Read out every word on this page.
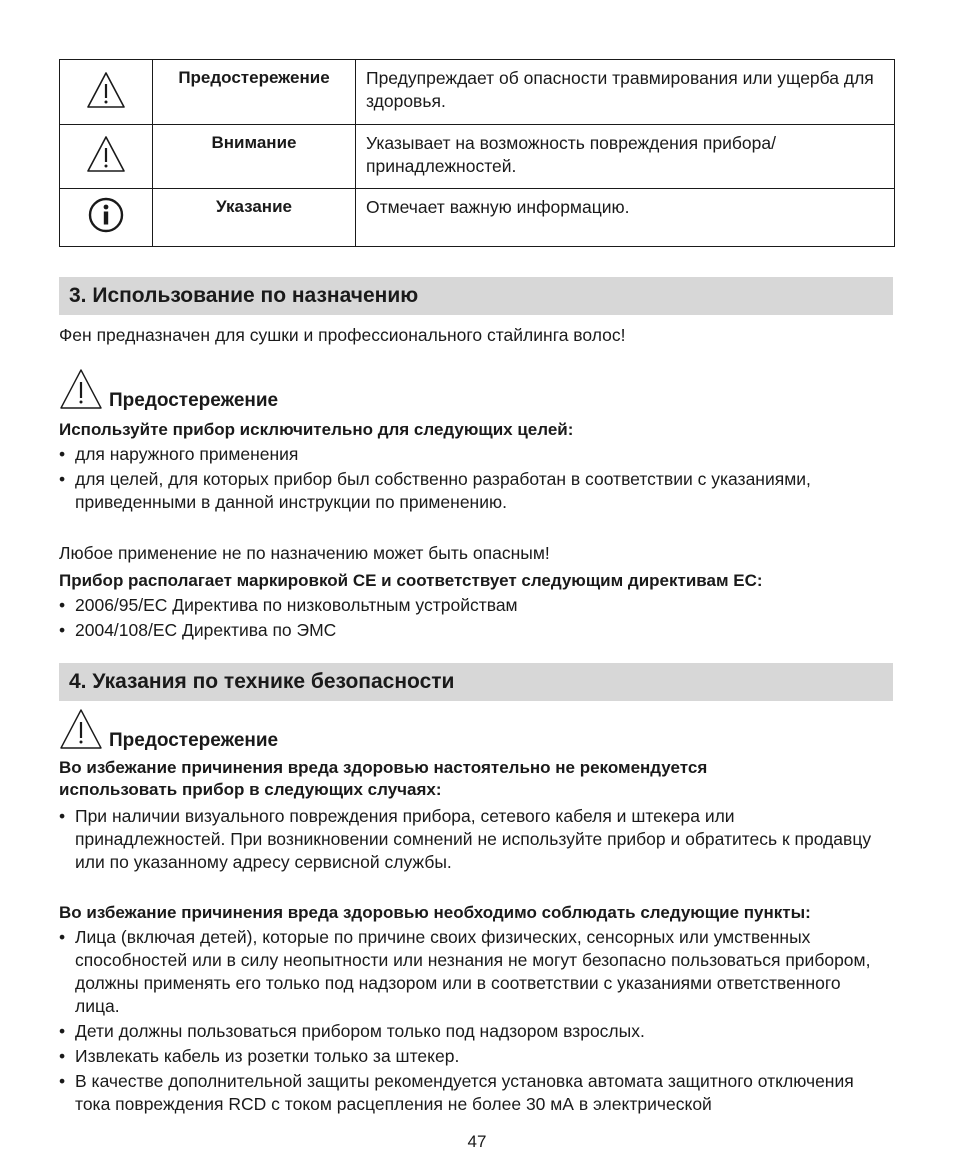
	Предостережение	Предупреждает об опасности травмирования или ущерба для здоровья.
	Внимание	Указывает на возможность повреждения прибора/ принадлежностей.
	Указание	Отмечает важную информацию.
3. Использование по назначению
Фен предназначен для сушки и профессионального стайлинга волос!
Предостережение
Используйте прибор исключительно для следующих целей:
• для наружного применения
• для целей, для которых прибор был собственно разработан в соответствии с указаниями, приведенными в данной инструкции по применению.
Любое применение не по назначению может быть опасным!
Прибор располагает маркировкой СЕ и соответствует следующим директивам ЕС:
• 2006/95/ЕС Директива по низковольтным устройствам
• 2004/108/ЕС Директива по ЭМС
4. Указания по технике безопасности
Предостережение
Во избежание причинения вреда здоровью настоятельно не рекомендуется
использовать прибор в следующих случаях:
• При наличии визуального повреждения прибора, сетевого кабеля и штекера или принадлежностей. При возникновении сомнений не используйте прибор и обратитесь к продавцу или по указанному адресу сервисной службы.
Во избежание причинения вреда здоровью необходимо соблюдать следующие пункты:
• Лица (включая детей), которые по причине своих физических, сенсорных или умственных способностей или в силу неопытности или незнания не могут безопасно пользоваться прибором, должны применять его только под надзором или в соответствии с указаниями ответственного лица.
• Дети должны пользоваться прибором только под надзором взрослых.
• Извлекать кабель из розетки только за штекер.
• В качестве дополнительной защиты рекомендуется установка автомата защитного отключения тока повреждения RCD с током расцепления не более 30 мА в электрической
47
